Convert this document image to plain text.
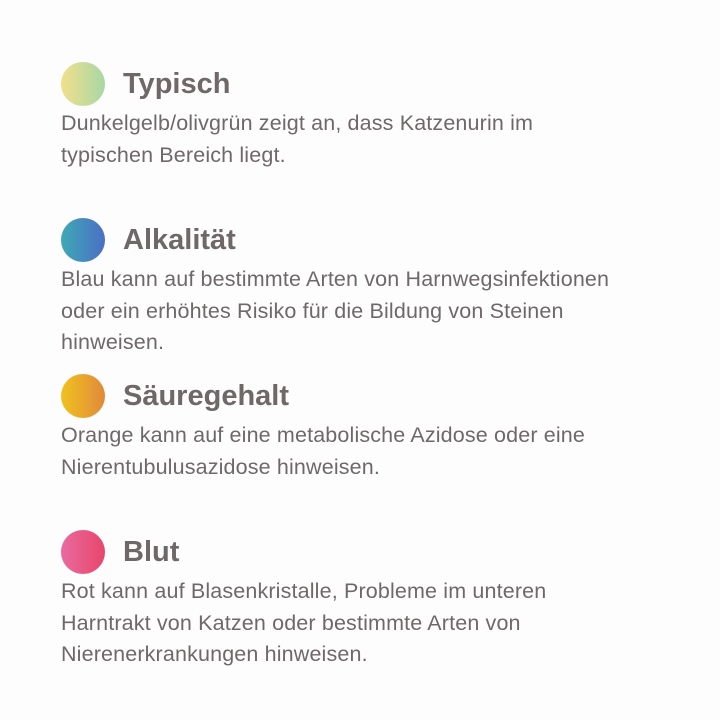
Typisch

Dunkelgelb/olivgrün zeigt an, dass Katzenurin im
typischen Bereich liegt.

Alkalität

Blau kann auf bestimmte Arten von Harnwegsinfektionen
oder ein erhöhtes Risiko für die Bildung von Steinen
hinweisen.

Säuregehalt

Orange kann auf eine metabolische Azidose oder eine
Nierentubulusazidose hinweisen.

Blut

Rot kann auf Blasenkristalle, Probleme im unteren
Harntrakt von Katzen oder bestimmte Arten von
Nierenerkrankungen hinweisen.
